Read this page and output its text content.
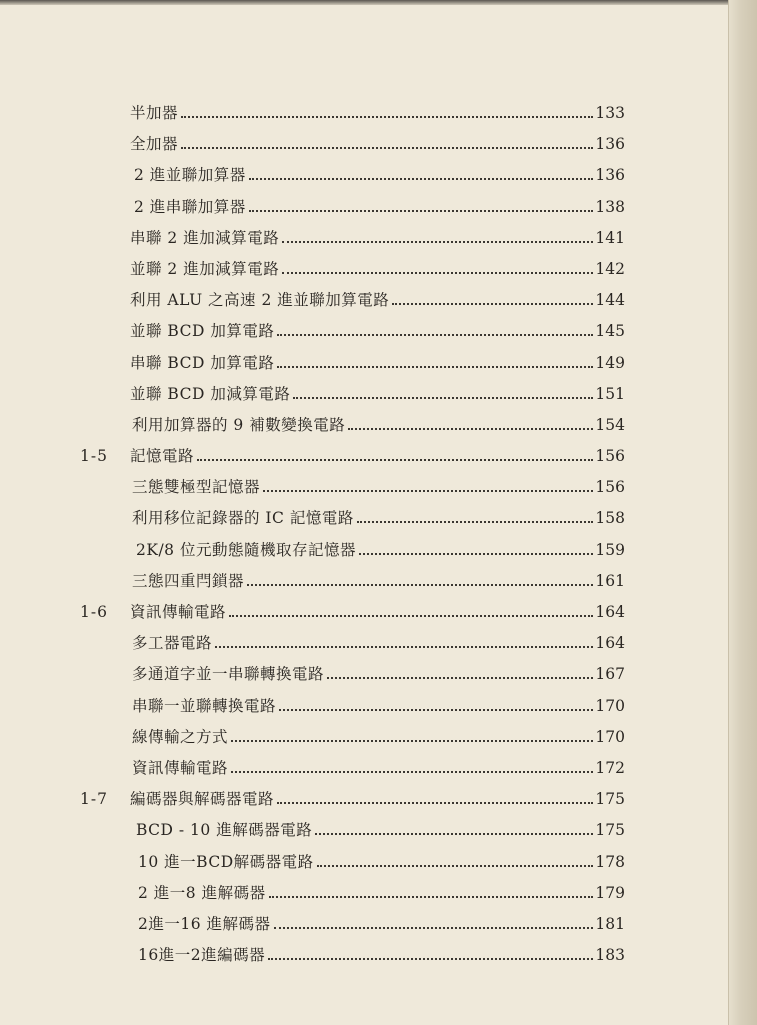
半加器	133
全加器	136
2 進並聯加算器	136
2 進串聯加算器	138
串聯 2 進加減算電路	141
並聯 2 進加減算電路	142
利用 ALU 之高速 2 進並聯加算電路	144
並聯 BCD 加算電路	145
串聯 BCD 加算電路	149
並聯 BCD 加減算電路	151
利用加算器的 9 補數變換電路	154
1-5	記憶電路	156
三態雙極型記憶器	156
利用移位記錄器的 IC 記憶電路	158
2K/8 位元動態隨機取存記憶器	159
三態四重閂鎖器	161
1-6	資訊傳輸電路	164
多工器電路	164
多通道字並一串聯轉換電路	167
串聯一並聯轉換電路	170
線傳輸之方式	170
資訊傳輸電路	172
1-7	編碼器與解碼器電路	175
BCD - 10 進解碼器電路	175
10 進一BCD解碼器電路	178
2 進一8 進解碼器	179
2進一16 進解碼器	181
16進一2進編碼器	183
